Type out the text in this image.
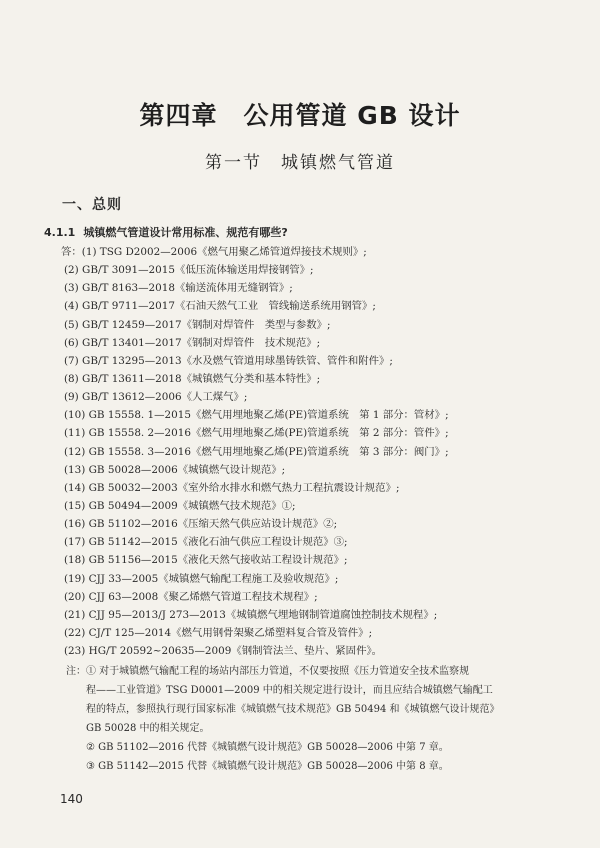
第四章　公用管道 GB 设计
第一节　城镇燃气管道
一、总则
4.1.1 城镇燃气管道设计常用标准、规范有哪些?
答：(1) TSG D2002—2006《燃气用聚乙烯管道焊接技术规则》;
(2) GB/T 3091—2015《低压流体输送用焊接钢管》;
(3) GB/T 8163—2018《输送流体用无缝钢管》;
(4) GB/T 9711—2017《石油天然气工业　管线输送系统用钢管》;
(5) GB/T 12459—2017《钢制对焊管件　类型与参数》;
(6) GB/T 13401—2017《钢制对焊管件　技术规范》;
(7) GB/T 13295—2013《水及燃气管道用球墨铸铁管、管件和附件》;
(8) GB/T 13611—2018《城镇燃气分类和基本特性》;
(9) GB/T 13612—2006《人工煤气》;
(10) GB 15558. 1—2015《燃气用埋地聚乙烯(PE)管道系统　第 1 部分：管材》;
(11) GB 15558. 2—2016《燃气用埋地聚乙烯(PE)管道系统　第 2 部分：管件》;
(12) GB 15558. 3—2016《燃气用埋地聚乙烯(PE)管道系统　第 3 部分：阀门》;
(13) GB 50028—2006《城镇燃气设计规范》;
(14) GB 50032—2003《室外给水排水和燃气热力工程抗震设计规范》;
(15) GB 50494—2009《城镇燃气技术规范》①;
(16) GB 51102—2016《压缩天然气供应站设计规范》②;
(17) GB 51142—2015《液化石油气供应工程设计规范》③;
(18) GB 51156—2015《液化天然气接收站工程设计规范》;
(19) CJJ 33—2005《城镇燃气输配工程施工及验收规范》;
(20) CJJ 63—2008《聚乙烯燃气管道工程技术规程》;
(21) CJJ 95—2013/J 273—2013《城镇燃气埋地钢制管道腐蚀控制技术规程》;
(22) CJ/T 125—2014《燃气用钢骨架聚乙烯塑料复合管及管件》;
(23) HG/T 20592~20635—2009《钢制管法兰、垫片、紧固件》。
注：① 对于城镇燃气输配工程的场站内部压力管道，不仅要按照《压力管道安全技术监察规
程——工业管道》TSG D0001—2009 中的相关规定进行设计，而且应结合城镇燃气输配工
程的特点，参照执行现行国家标准《城镇燃气技术规范》GB 50494 和《城镇燃气设计规范》
GB 50028 中的相关规定。
② GB 51102—2016 代替《城镇燃气设计规范》GB 50028—2006 中第 7 章。
③ GB 51142—2015 代替《城镇燃气设计规范》GB 50028—2006 中第 8 章。
140
